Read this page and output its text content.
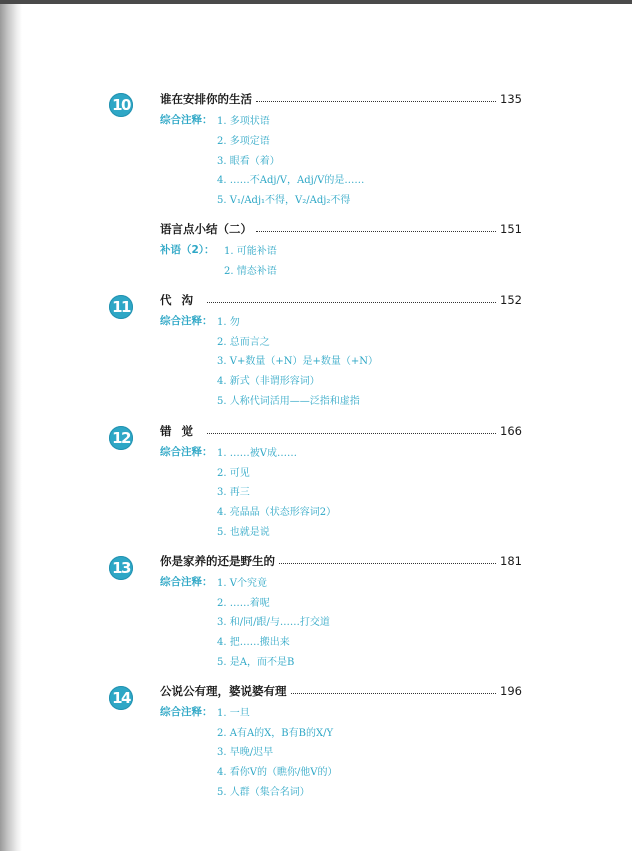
10	谁在安排你的生活	135
综合注释： 1. 多项状语
2. 多项定语
3. 眼看（着）
4. ……不Adj/V，Adj/V的是……
5. V₁/Adj₁不得，V₂/Adj₂不得
语言点小结（二）	151
补语（2）： 1. 可能补语
2. 情态补语
11	代沟	152
综合注释： 1. 勿
2. 总而言之
3. V+数量（+N）是+数量（+N）
4. 新式（非谓形容词）
5. 人称代词活用——泛指和虚指
12	错觉	166
综合注释： 1. ……被V成……
2. 可见
3. 再三
4. 亮晶晶（状态形容词2）
5. 也就是说
13	你是家养的还是野生的	181
综合注释： 1. V个究竟
2. ……着呢
3. 和/同/跟/与……打交道
4. 把……搬出来
5. 是A，而不是B
14	公说公有理，婆说婆有理	196
综合注释： 1. 一旦
2. A有A的X，B有B的X/Y
3. 早晚/迟早
4. 看你V的（瞧你/他V的）
5. 人群（集合名词）
